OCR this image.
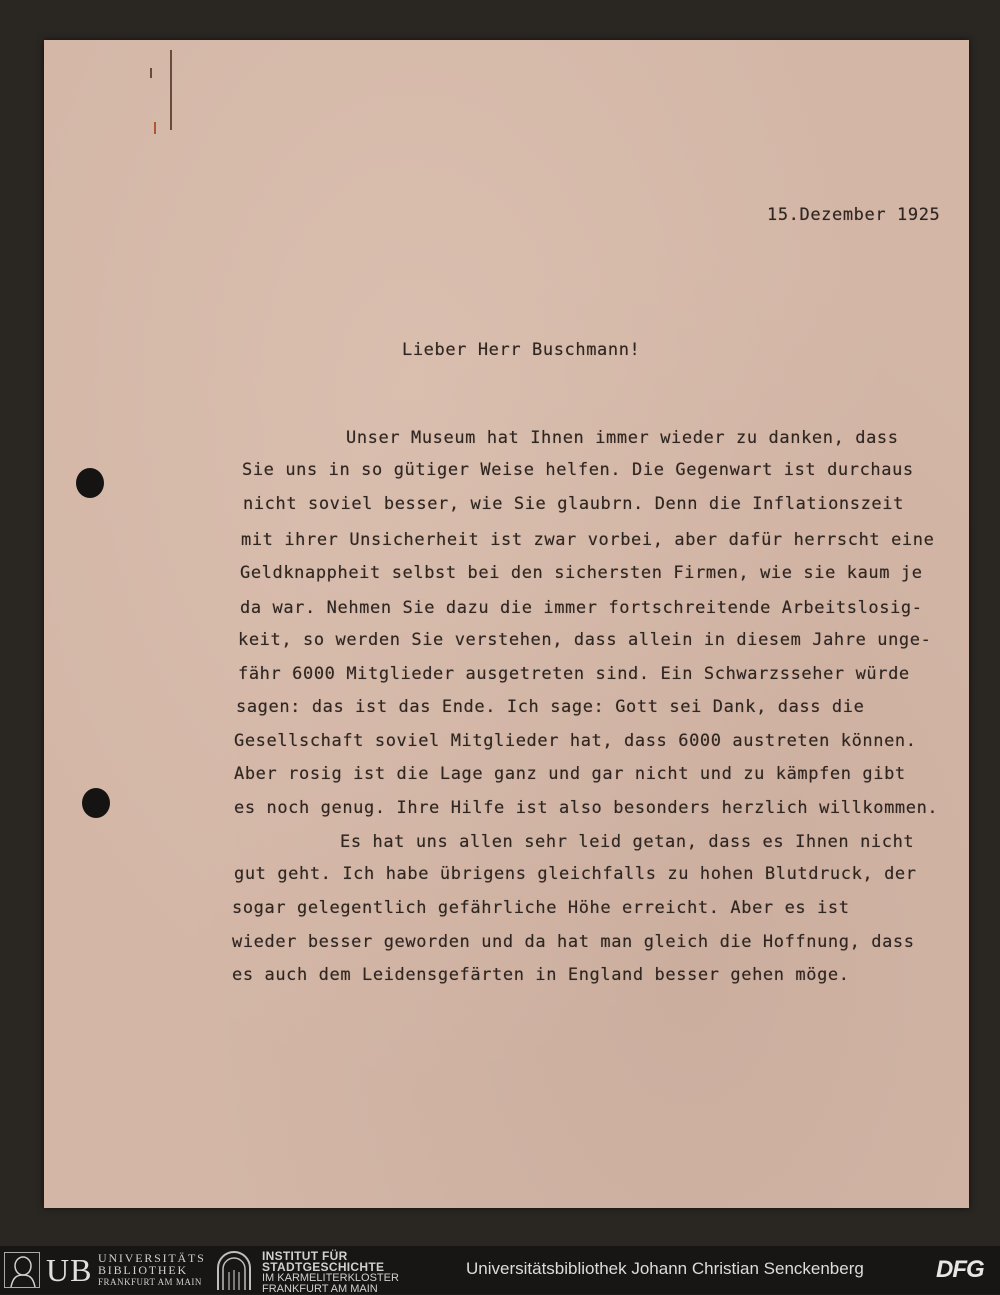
15.Dezember 1925
Lieber Herr Buschmann!
Unser Museum hat Ihnen immer wieder zu danken, dass
Sie uns in so gütiger Weise helfen. Die Gegenwart ist durchaus
nicht soviel besser, wie Sie glaubrn. Denn die Inflationszeit
mit ihrer Unsicherheit ist zwar vorbei, aber dafür herrscht eine
Geldknappheit selbst bei den sichersten Firmen, wie sie kaum je
da war. Nehmen Sie dazu die immer fortschreitende Arbeitslosig-
keit, so werden Sie verstehen, dass allein in diesem Jahre unge-
fähr 6000 Mitglieder ausgetreten sind. Ein Schwarzsseher würde
sagen: das ist das Ende. Ich sage: Gott sei Dank, dass die
Gesellschaft soviel Mitglieder hat, dass 6000 austreten können.
Aber rosig ist die Lage ganz und gar nicht und zu kämpfen gibt
es noch genug. Ihre Hilfe ist also besonders herzlich willkommen.
Es hat uns allen sehr leid getan, dass es Ihnen nicht
gut geht. Ich habe übrigens gleichfalls zu hohen Blutdruck, der
sogar gelegentlich gefährliche Höhe erreicht. Aber es ist
wieder besser geworden und da hat man gleich die Hoffnung, dass
es auch dem Leidensgefärten in England besser gehen möge.
UB UNIVERSITÄTS
BIBLIOTHEK
FRANKFURT AM MAIN
INSTITUT FÜR
STADTGESCHICHTE
IM KARMELITERKLOSTER
FRANKFURT AM MAIN
Universitätsbibliothek Johann Christian Senckenberg	DFG
